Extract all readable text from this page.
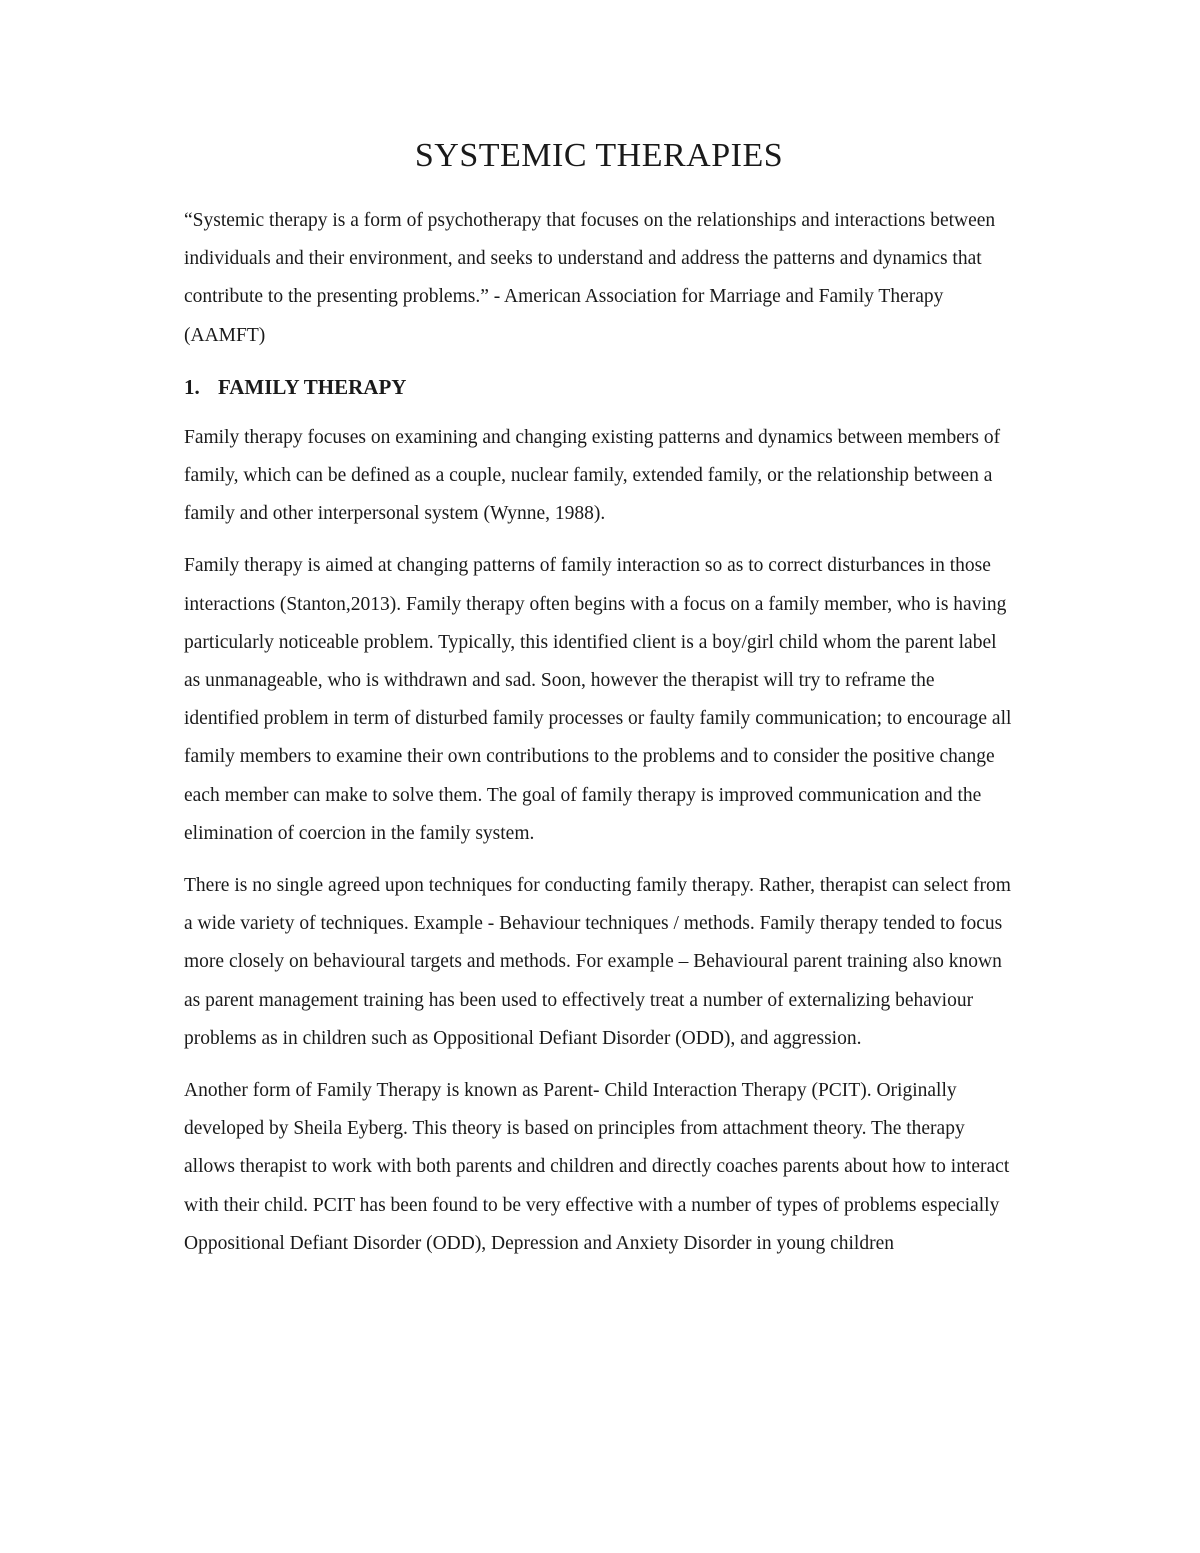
SYSTEMIC THERAPIES

“Systemic therapy is a form of psychotherapy that focuses on the relationships and interactions between individuals and their environment, and seeks to understand and address the patterns and dynamics that contribute to the presenting problems.” - American Association for Marriage and Family Therapy (AAMFT)

1. FAMILY THERAPY

Family therapy focuses on examining and changing existing patterns and dynamics between members of family, which can be defined as a couple, nuclear family, extended family, or the relationship between a family and other interpersonal system (Wynne, 1988).

Family therapy is aimed at changing patterns of family interaction so as to correct disturbances in those interactions (Stanton,2013). Family therapy often begins with a focus on a family member, who is having particularly noticeable problem. Typically, this identified client is a boy/girl child whom the parent label as unmanageable, who is withdrawn and sad. Soon, however the therapist will try to reframe the identified problem in term of disturbed family processes or faulty family communication; to encourage all family members to examine their own contributions to the problems and to consider the positive change each member can make to solve them. The goal of family therapy is improved communication and the elimination of coercion in the family system.

There is no single agreed upon techniques for conducting family therapy. Rather, therapist can select from a wide variety of techniques. Example - Behaviour techniques / methods. Family therapy tended to focus more closely on behavioural targets and methods. For example – Behavioural parent training also known as parent management training has been used to effectively treat a number of externalizing behaviour problems as in children such as Oppositional Defiant Disorder (ODD), and aggression.

Another form of Family Therapy is known as Parent- Child Interaction Therapy (PCIT). Originally developed by Sheila Eyberg. This theory is based on principles from attachment theory. The therapy allows therapist to work with both parents and children and directly coaches parents about how to interact with their child. PCIT has been found to be very effective with a number of types of problems especially Oppositional Defiant Disorder (ODD), Depression and Anxiety Disorder in young children
